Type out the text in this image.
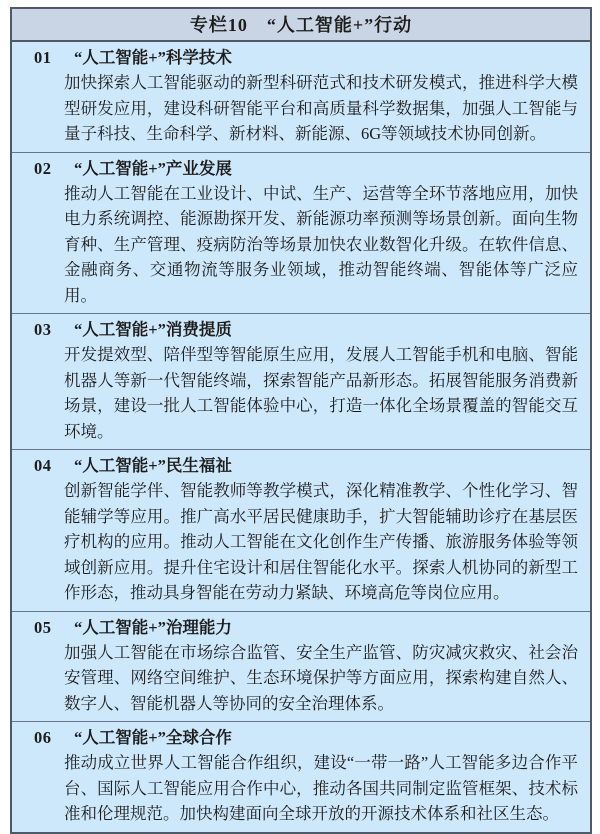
专栏10　“人工智能+”行动
01	“人工智能+”科学技术

加快探索人工智能驱动的新型科研范式和技术研发模式，推进科学大模型研发应用，建设科研智能平台和高质量科学数据集，加强人工智能与量子科技、生命科学、新材料、新能源、6G等领域技术协同创新。

02	“人工智能+”产业发展

推动人工智能在工业设计、中试、生产、运营等全环节落地应用，加快电力系统调控、能源勘探开发、新能源功率预测等场景创新。面向生物育种、生产管理、疫病防治等场景加快农业数智化升级。在软件信息、金融商务、交通物流等服务业领域，推动智能终端、智能体等广泛应用。

03	“人工智能+”消费提质

开发提效型、陪伴型等智能原生应用，发展人工智能手机和电脑、智能机器人等新一代智能终端，探索智能产品新形态。拓展智能服务消费新场景，建设一批人工智能体验中心，打造一体化全场景覆盖的智能交互环境。

04	“人工智能+”民生福祉

创新智能学伴、智能教师等教学模式，深化精准教学、个性化学习、智能辅学等应用。推广高水平居民健康助手，扩大智能辅助诊疗在基层医疗机构的应用。推动人工智能在文化创作生产传播、旅游服务体验等领域创新应用。提升住宅设计和居住智能化水平。探索人机协同的新型工作形态，推动具身智能在劳动力紧缺、环境高危等岗位应用。

05	“人工智能+”治理能力

加强人工智能在市场综合监管、安全生产监管、防灾减灾救灾、社会治安管理、网络空间维护、生态环境保护等方面应用，探索构建自然人、数字人、智能机器人等协同的安全治理体系。

06	“人工智能+”全球合作

推动成立世界人工智能合作组织，建设“一带一路”人工智能多边合作平台、国际人工智能应用合作中心，推动各国共同制定监管框架、技术标准和伦理规范。加快构建面向全球开放的开源技术体系和社区生态。
